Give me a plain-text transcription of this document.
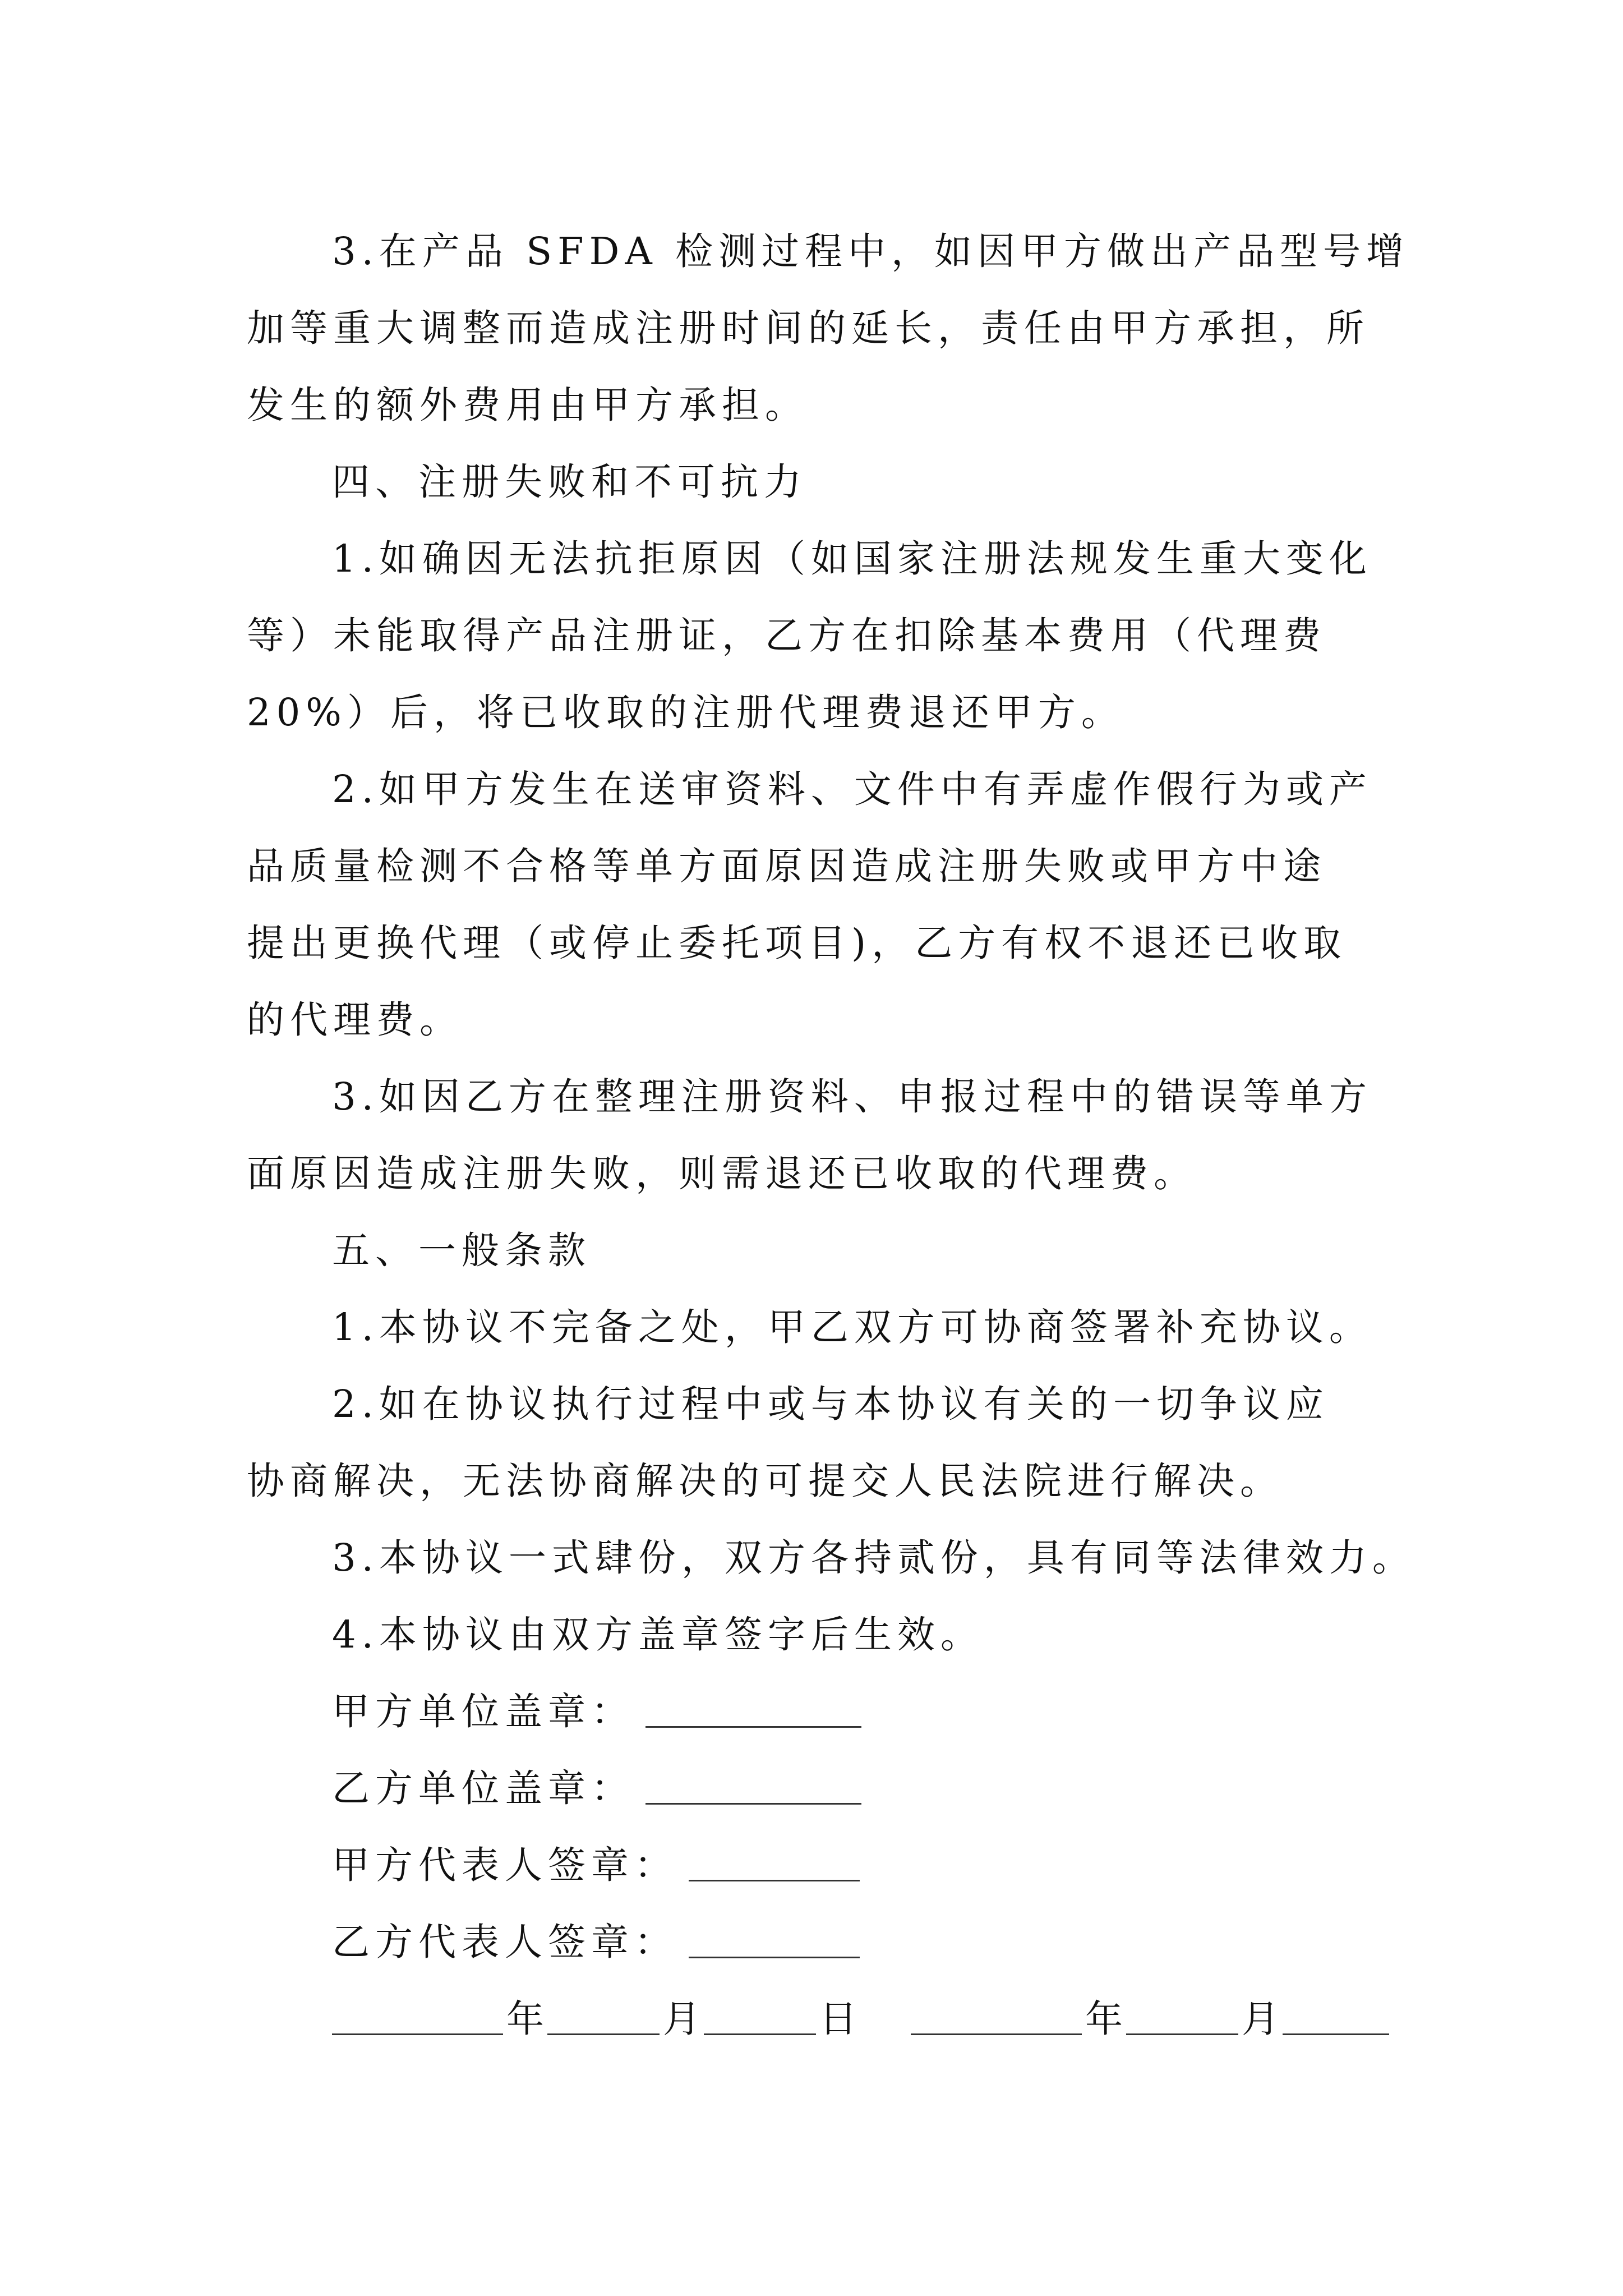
3.在产品 SFDA 检测过程中，如因甲方做出产品型号增
加等重大调整而造成注册时间的延长，责任由甲方承担，所
发生的额外费用由甲方承担。
四、注册失败和不可抗力
1.如确因无法抗拒原因（如国家注册法规发生重大变化
等）未能取得产品注册证，乙方在扣除基本费用（代理费
20%）后，将已收取的注册代理费退还甲方。
2.如甲方发生在送审资料、文件中有弄虚作假行为或产
品质量检测不合格等单方面原因造成注册失败或甲方中途
提出更换代理（或停止委托项目)，乙方有权不退还已收取
的代理费。
3.如因乙方在整理注册资料、申报过程中的错误等单方
面原因造成注册失败，则需退还已收取的代理费。
五、一般条款
1.本协议不完备之处，甲乙双方可协商签署补充协议。
2.如在协议执行过程中或与本协议有关的一切争议应
协商解决，无法协商解决的可提交人民法院进行解决。
3.本协议一式肆份，双方各持贰份，具有同等法律效力。
4.本协议由双方盖章签字后生效。
甲方单位盖章：
乙方单位盖章：
甲方代表人签章：
乙方代表人签章：
年	月	日	年	月
